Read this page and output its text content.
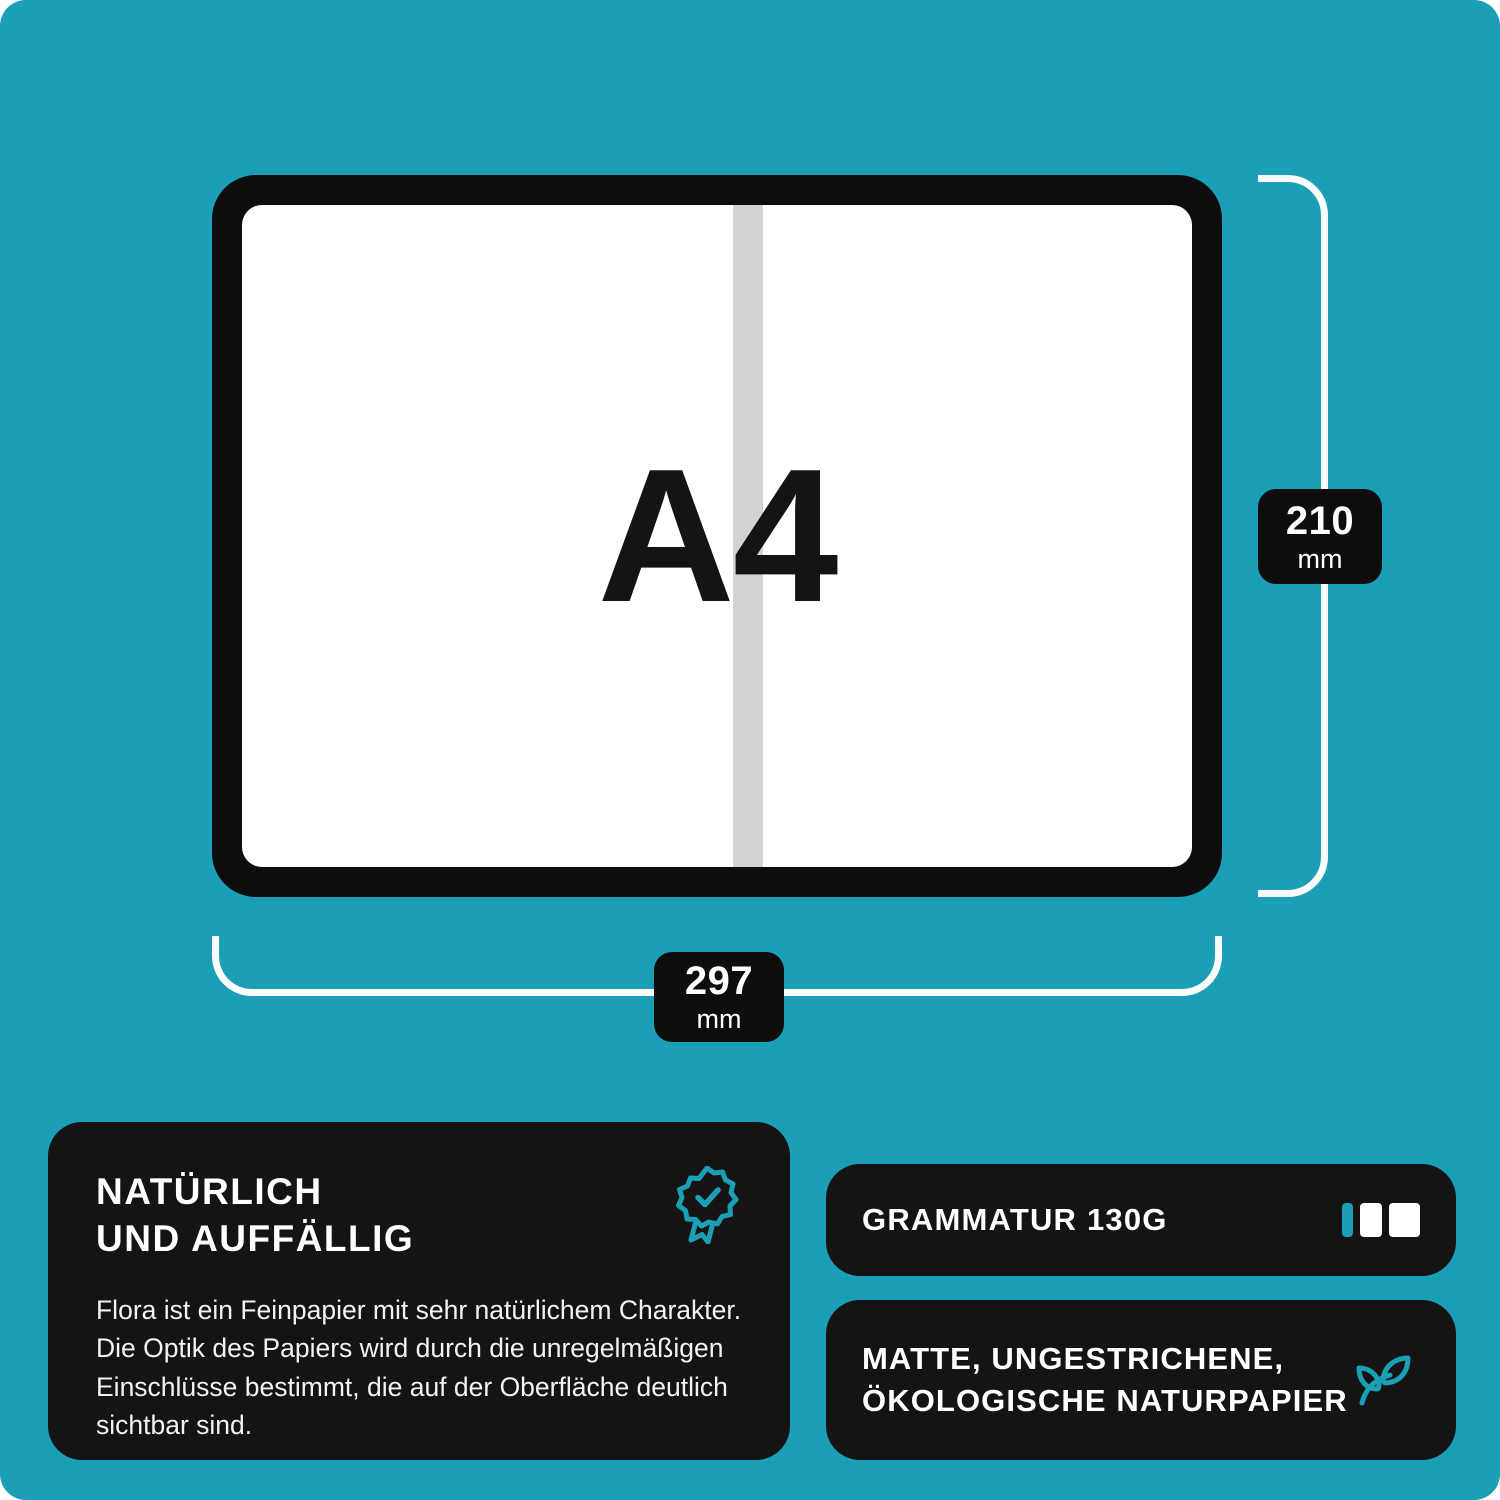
A4	210
mm
297
mm
NATÜRLICH
UND AUFFÄLLIG

Flora ist ein Feinpapier mit sehr natürlichem Charakter. Die Optik des Papiers wird durch die unregelmäßigen Einschlüsse bestimmt, die auf der Oberfläche deutlich sichtbar sind.

GRAMMATUR 130G
MATTE, UNGESTRICHENE,
ÖKOLOGISCHE NATURPAPIER
